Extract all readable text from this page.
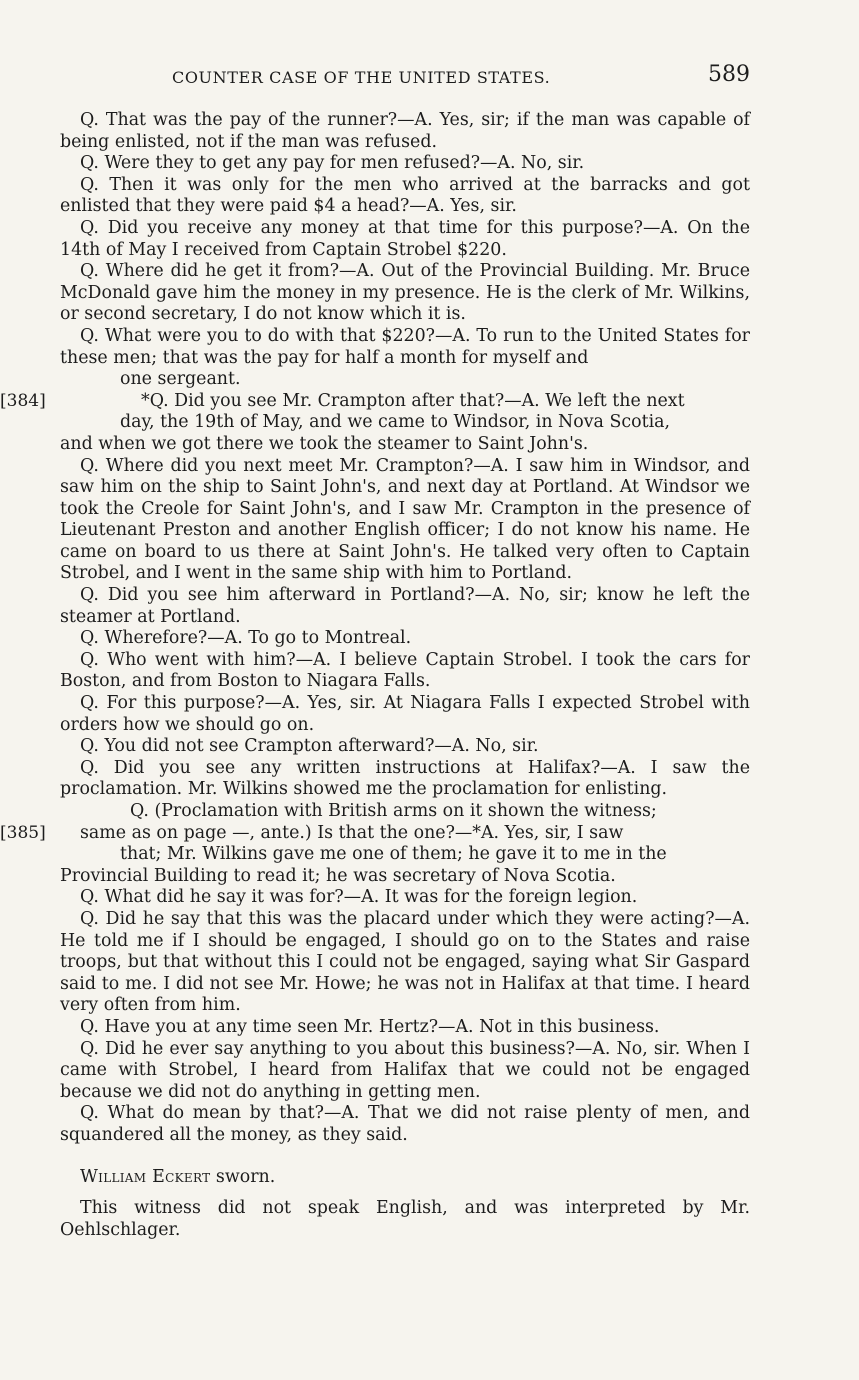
COUNTER CASE OF THE UNITED STATES.	589

Q. That was the pay of the runner?—A. Yes, sir; if the man was capable of being enlisted, not if the man was refused.

Q. Were they to get any pay for men refused?—A. No, sir.

Q. Then it was only for the men who arrived at the barracks and got enlisted that they were paid $4 a head?—A. Yes, sir.

Q. Did you receive any money at that time for this purpose?—A. On the 14th of May I received from Captain Strobel $220.

Q. Where did he get it from?—A. Out of the Provincial Building. Mr. Bruce McDonald gave him the money in my presence. He is the clerk of Mr. Wilkins, or second secretary, I do not know which it is.

Q. What were you to do with that $220?—A. To run to the United States for these men; that was the pay for half a month for myself and

one sergeant.
[384]	*Q. Did you see Mr. Crampton after that?—A. We left the next
day, the 19th of May, and we came to Windsor, in Nova Scotia,
and when we got there we took the steamer to Saint John's.

Q. Where did you next meet Mr. Crampton?—A. I saw him in Windsor, and saw him on the ship to Saint John's, and next day at Portland. At Windsor we took the Creole for Saint John's, and I saw Mr. Crampton in the presence of Lieutenant Preston and another English officer; I do not know his name. He came on board to us there at Saint John's. He talked very often to Captain Strobel, and I went in the same ship with him to Portland.

Q. Did you see him afterward in Portland?—A. No, sir; know he left the steamer at Portland.

Q. Wherefore?—A. To go to Montreal.

Q. Who went with him?—A. I believe Captain Strobel. I took the cars for Boston, and from Boston to Niagara Falls.

Q. For this purpose?—A. Yes, sir. At Niagara Falls I expected Strobel with orders how we should go on.

Q. You did not see Crampton afterward?—A. No, sir.

Q. Did you see any written instructions at Halifax?—A. I saw the proclamation. Mr. Wilkins showed me the proclamation for enlisting.

Q. (Proclamation with British arms on it shown the witness;
[385]	same as on page —, ante.) Is that the one?—*A. Yes, sir, I saw
that; Mr. Wilkins gave me one of them; he gave it to me in the
Provincial Building to read it; he was secretary of Nova Scotia.

Q. What did he say it was for?—A. It was for the foreign legion.

Q. Did he say that this was the placard under which they were acting?—A. He told me if I should be engaged, I should go on to the States and raise troops, but that without this I could not be engaged, saying what Sir Gaspard said to me. I did not see Mr. Howe; he was not in Halifax at that time. I heard very often from him.

Q. Have you at any time seen Mr. Hertz?—A. Not in this business.

Q. Did he ever say anything to you about this business?—A. No, sir. When I came with Strobel, I heard from Halifax that we could not be engaged because we did not do anything in getting men.

Q. What do mean by that?—A. That we did not raise plenty of men, and squandered all the money, as they said.

William Eckert sworn.

This witness did not speak English, and was interpreted by Mr. Oehlschlager.
